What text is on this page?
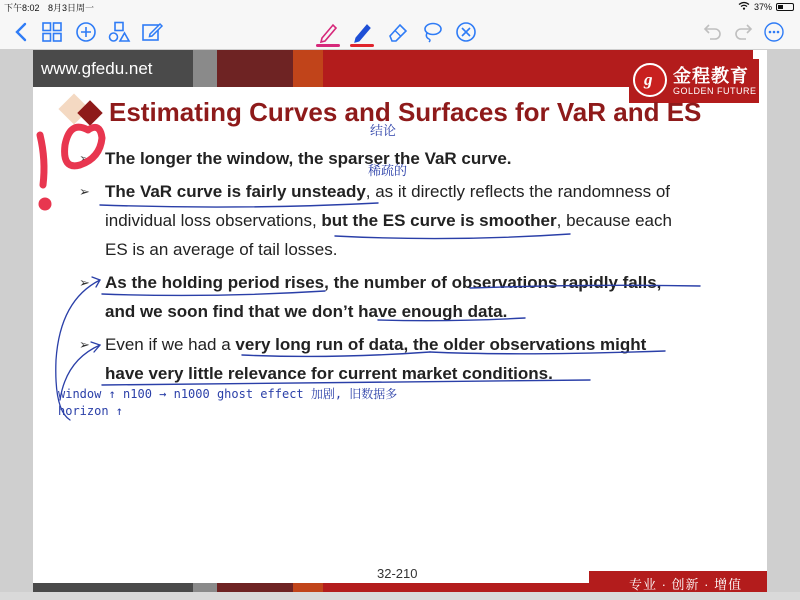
下午8:02 8月3日周一	37%
www.gfedu.net
g 金程教育
GOLDEN FUTURE
Estimating Curves and Surfaces for VaR and ES
➢ The longer the window, the sparser the VaR curve.
➢ The VaR curve is fairly unsteady, as it directly reflects the randomness of
individual loss observations, but the ES curve is smoother, because each
ES is an average of tail losses.
➢ As the holding period rises, the number of observations rapidly falls,
and we soon find that we don’t have enough data.
➢ Even if we had a very long run of data, the older observations might
have very little relevance for current market conditions.
32-210
专业 · 创新 · 增值
结论
稀疏的
window ↑ n100 → n1000 ghost effect 加剧, 旧数据多
horizon ↑
